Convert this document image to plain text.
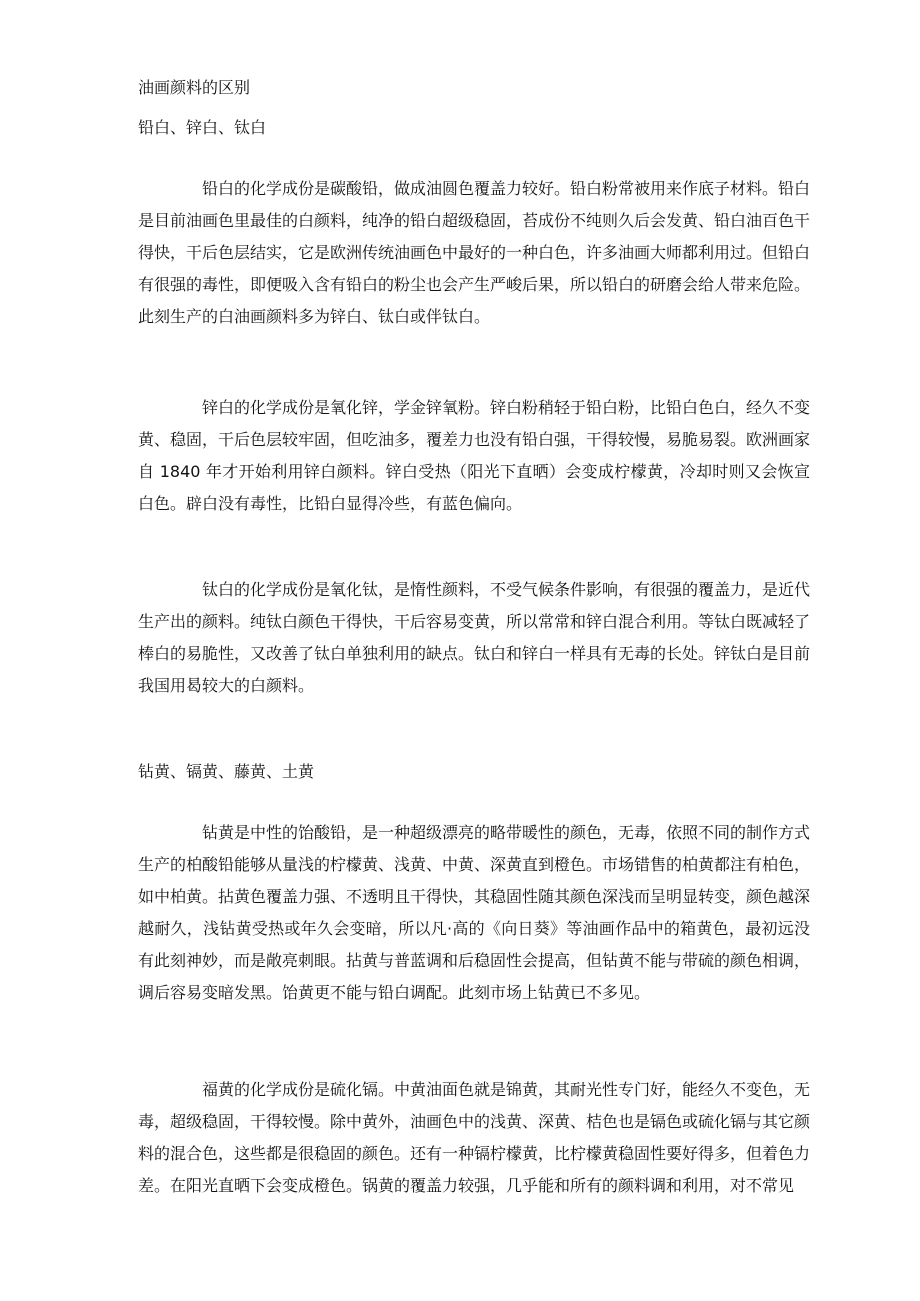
油画颜料的区别
铅白、锌白、钛白

铅白的化学成份是碳酸铅，做成油圆色覆盖力较好。铅白粉常被用来作底子材料。铅白是目前油画色里最佳的白颜料，纯净的铅白超级稳固，苔成份不纯则久后会发黄、铅白油百色干得快，干后色层结实，它是欧洲传统油画色中最好的一种白色，许多油画大师都利用过。但铅白有很强的毒性，即便吸入含有铅白的粉尘也会产生严峻后果，所以铅白的研磨会给人带来危险。此刻生产的白油画颜料多为锌白、钛白或伴钛白。

锌白的化学成份是氧化锌，学金锌氧粉。锌白粉稍轻于铅白粉，比铅白色白，经久不变黄、稳固，干后色层较牢固，但吃油多，覆差力也没有铅白强，干得较慢，易脆易裂。欧洲画家自 1840 年才开始利用锌白颜料。锌白受热（阳光下直晒）会变成柠檬黄，冷却时则又会恢宣白色。辟白没有毒性，比铅白显得冷些，有蓝色偏向。

钛白的化学成份是氧化钛，是惰性颜料，不受气候条件影响，有很强的覆盖力，是近代生产出的颜料。纯钛白颜色干得快，干后容易变黄，所以常常和锌白混合利用。等钛白既减轻了棒白的易脆性，又改善了钛白单独利用的缺点。钛白和锌白一样具有无毒的长处。锌钛白是目前我国用曷较大的白颜料。

钻黄、镉黄、藤黄、土黄

钻黄是中性的饴酸铅，是一种超级漂亮的略带暖性的颜色，无毒，依照不同的制作方式生产的柏酸铅能够从量浅的柠檬黄、浅黄、中黄、深黄直到橙色。市场错售的柏黄都注有柏色，如中柏黄。拈黄色覆盖力强、不透明且干得快，其稳固性随其颜色深浅而呈明显转变，颜色越深越耐久，浅钻黄受热或年久会变暗，所以凡·高的《向日葵》等油画作品中的箱黄色，最初远没有此刻神妙，而是敞亮刺眼。拈黄与普蓝调和后稳固性会提高，但钻黄不能与带硫的颜色相调，调后容易变暗发黑。饴黄更不能与铅白调配。此刻市场上钻黄已不多见。

福黄的化学成份是硫化镉。中黄油面色就是锦黄，其耐光性专门好，能经久不变色，无毒，超级稳固，干得较慢。除中黄外，油画色中的浅黄、深黄、桔色也是镉色或硫化镉与其它颜料的混合色，这些都是很稳固的颜色。还有一种镉柠檬黄，比柠檬黄稳固性要好得多，但着色力差。在阳光直晒下会变成橙色。锅黄的覆盖力较强，几乎能和所有的颜料调和利用，对不常见
